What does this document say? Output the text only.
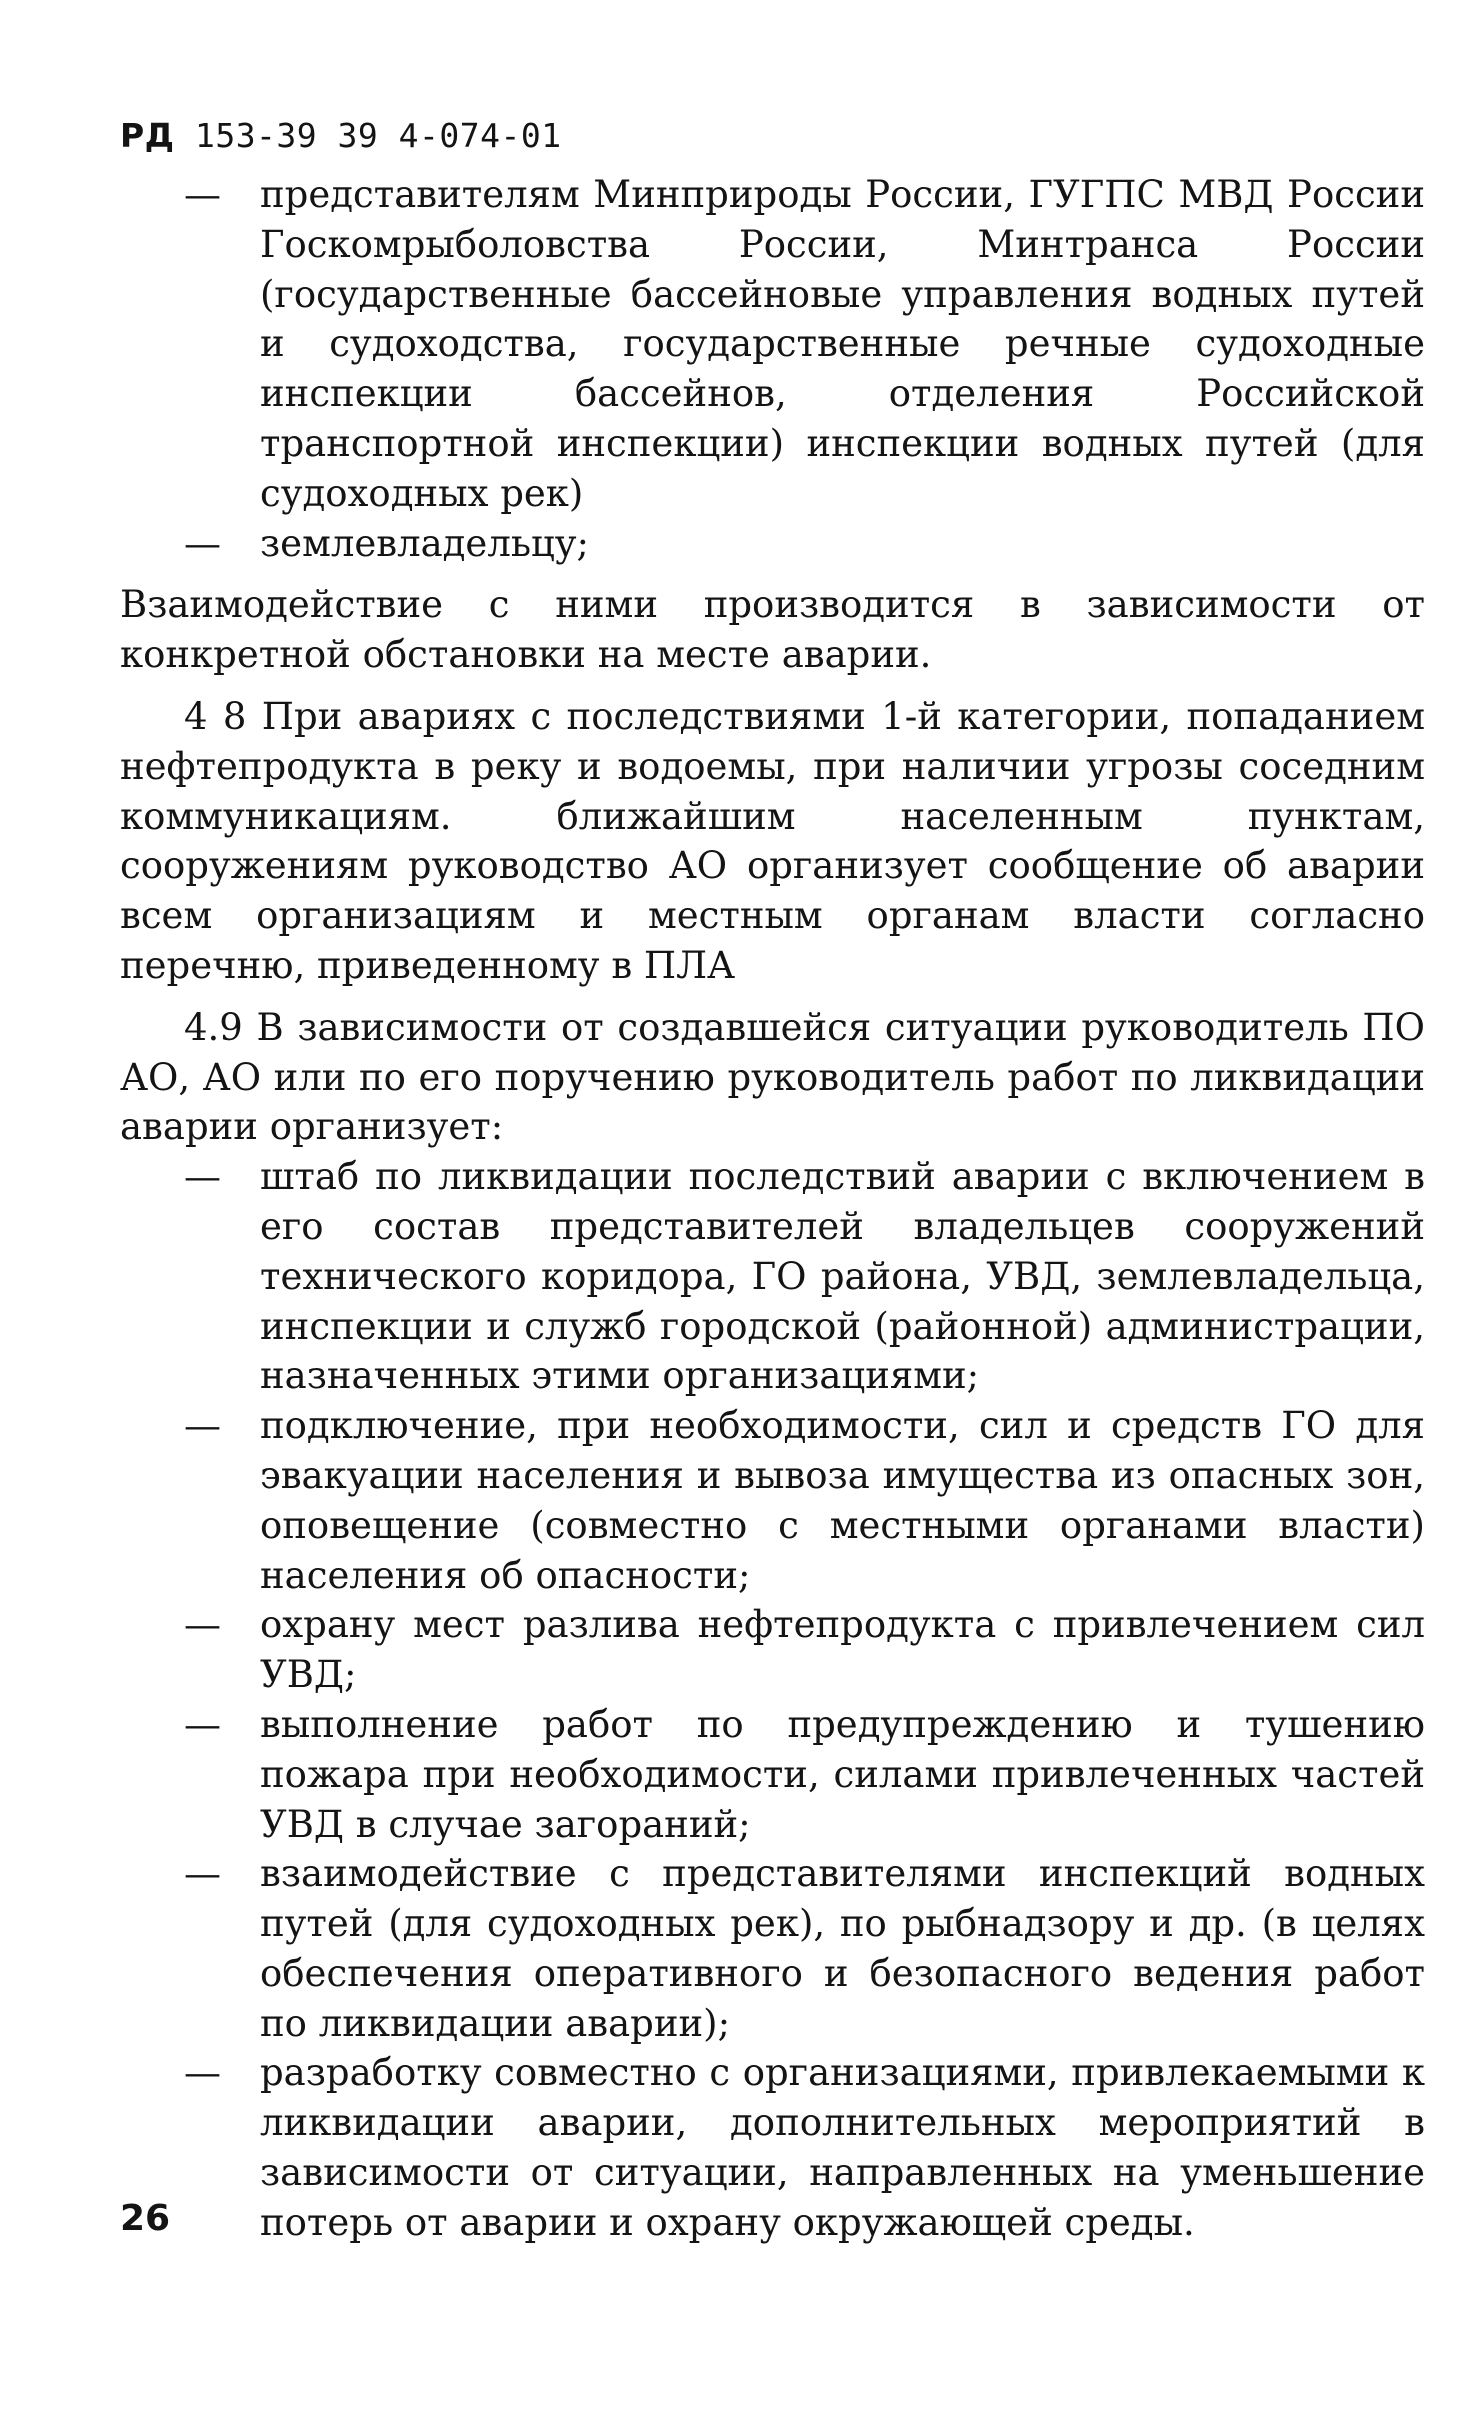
РД 153-39 39 4-074-01
— представителям Минприроды России, ГУГПС МВД России Госкомрыболовства России, Минтранса России (государственные бассейновые управления водных путей и судоходства, государственные речные судоходные инспекции бассейнов, отделения Российской транспортной инспекции) инспекции водных путей (для судоходных рек)
— землевладельцу;
Взаимодействие с ними производится в зависимости от конкретной обстановки на месте аварии.
4 8 При авариях с последствиями 1-й категории, попаданием нефтепродукта в реку и водоемы, при наличии угрозы соседним коммуникациям. ближайшим населенным пунктам, сооружениям руководство АО организует сообщение об аварии всем организациям и местным органам власти согласно перечню, приведенному в ПЛА
4.9 В зависимости от создавшейся ситуации руководитель ПО АО, АО или по его поручению руководитель работ по ликвидации аварии организует:
— штаб по ликвидации последствий аварии с включением в его состав представителей владельцев сооружений технического коридора, ГО района, УВД, землевладельца, инспекции и служб городской (районной) администрации, назначенных этими организациями;
— подключение, при необходимости, сил и средств ГО для эвакуации населения и вывоза имущества из опасных зон, оповещение (совместно с местными органами власти) населения об опасности;
— охрану мест разлива нефтепродукта с привлечением сил УВД;
— выполнение работ по предупреждению и тушению пожара при необходимости, силами привлеченных частей УВД в случае загораний;
— взаимодействие с представителями инспекций водных путей (для судоходных рек), по рыбнадзору и др. (в целях обеспечения оперативного и безопасного ведения работ по ликвидации аварии);
— разработку совместно с организациями, привлекаемыми к ликвидации аварии, дополнительных мероприятий в зависимости от ситуации, направленных на уменьшение потерь от аварии и охрану окружающей среды.
26
